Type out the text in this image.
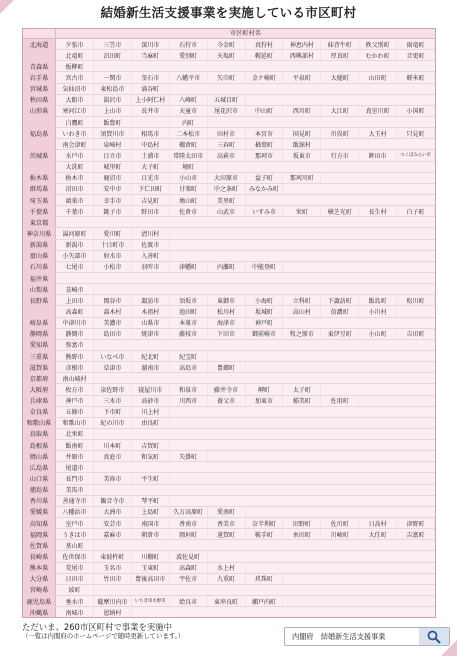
結婚新生活支援事業を実施している市区町村
市区町村名
北海道	夕張市	三笠市	深川市	石狩市	今金町	真狩村	神恵内村	妹背牛町	秩父別町	雨竜町
北竜町	沼田町	当麻町	愛別町	天塩町	幌延町	西興部村	厚真町	むかわ町	音更町
青森県	板柳町
岩手県	宮古市	一関市	釜石市	八幡平市	矢巾町	金ケ崎町	平泉町	大槌町	山田町	軽米町
宮城県	気仙沼市	東松島市	涌谷町
秋田県	大館市	潟沢市	上小阿仁村	八峰町	五城目町
山形県	寒河江市	上山市	長井市	天童市	尾花沢市	中山町	西川町	大江町	真室川町	小国町
白鷹町	飯豊町	内町
福島県	いわき市	須賀川市	相馬市	二本松市	田村市	本宮市	国見町	川俣町	大玉村	只見町
南会津町	泉崎村	中島村	棚倉町	三春町	楢葉町	飯舘村
茨城県	水戸市	日立市	土浦市	常陸太田市	高萩市	那珂市	坂東市	行方市	鉾田市	つくばみらい市
大洗町	城里町	大子町	境町
栃木県	栃木市	鹿沼市	日光市	小山市	大田原市	益子町	那珂川町
群馬県	沼田市	安中市	下仁田町	甘楽町	中之条町	みなかみ町
埼玉県	鴻巣市	幸手市	吉見町	鳩山町	美里町
千葉県	千葉市	銚子市	野田市	佐倉市	山武市	いすみ市	栄町	横芝光町	長生村	白子町
東京都
神奈川県	湯河原町	愛川町	清川村
新潟県	新潟市	十日町市	佐渡市
富山県	小矢部市	射水市	入善町
石川県	七尾市	小松市	羽咋市	津幡町	内灘町	中能登町
福井県
山梨県	韮崎市
長野県	上田市	岡谷市	諏訪市	須坂市	東御市	小海町	立科町	下諏訪町	飯島町	松川町
高森町	喬木村	木祖村	池田町	松川村	坂城町	高山村	信濃町	小川村
岐阜県	中津川市	美濃市	山県市	本巣市	海津市	神戸町
静岡県	静岡市	島田市	焼津市	藤枝市	下田市	御前崎市	牧之原市	東伊豆町	小山町	吉田町
愛知県	弥富市
三重県	熊野市	いなべ市	紀北町	紀宝町
滋賀県	彦根市	草津市	湖南市	高島市	豊郷町
京都府	南山城村
大阪府	枚方市	泉佐野市	寝屋川市	和泉市	藤井寺市	岬町	太子町
兵庫県	神戸市	三木市	高砂市	川西市	養父市	加東市	稲美町	佐用町
奈良県	五條市	下市町	川上村
和歌山県	和歌山市	紀の川市	由良町
鳥取県	北栄町
島根県	飯南町	川本町	吉賀町
岡山県	井原市	真庭市	和気町	矢掛町
広島県	尾道市
山口県	長門市	美祢市	平生町
徳島県	美馬市
香川県	善通寺市	観音寺市	琴平町
愛媛県	八幡浜市	大洲市	上島町	久万高原町	愛南町
高知県	室戸市	安芸市	南国市	香南市	香美市	奈半利町	田野町	佐川町	日高村	津野町
福岡県	うきは市	嘉麻市	朝倉市	岡垣町	遠賀町	鞍手町	糸田町	川崎町	大任町	吉富町
佐賀県	基山町
長崎県	佐世保市	東彼杵町	川棚町	波佐見町
熊本県	荒尾市	玉名市	玉東町	高森町	水上村
大分県	日田市	竹田市	豊後高田市	宇佐市	九重町	玖珠町
宮崎県	綾町
鹿児島県	垂水市	薩摩川内市	いちき串木野市	姶良市	東串良町	瀬戸内町
沖縄県	南城市	恩納村
ただいま、260市区町村で事業を実施中
（一覧は内閣府のホームページで随時更新しています。）	内閣府　結婚新生活支援事業
